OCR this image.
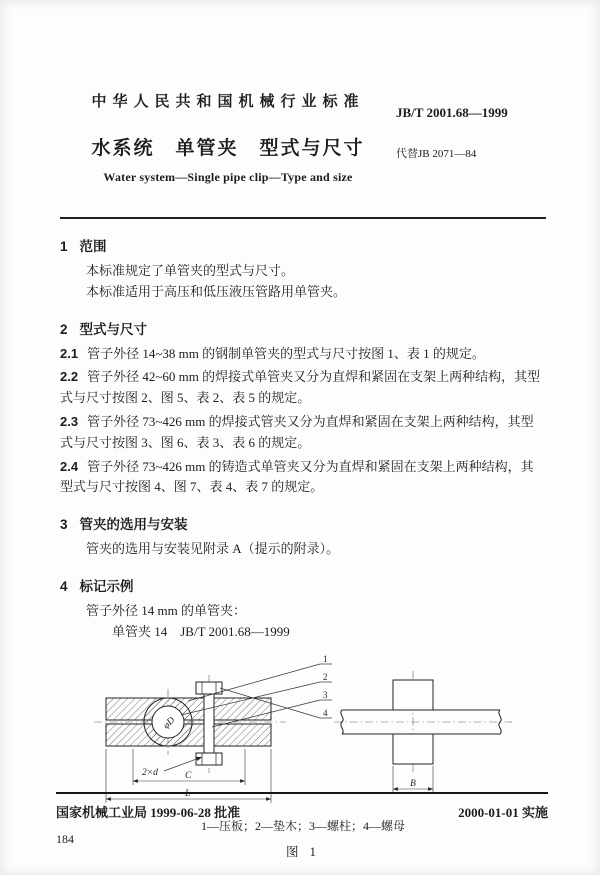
中华人民共和国机械行业标准
水系统　单管夹　型式与尺寸
Water system—Single pipe clip—Type and size
JB/T 2001.68—1999
代替JB 2071—84
1 范围

本标准规定了单管夹的型式与尺寸。

本标准适用于高压和低压液压管路用单管夹。

2 型式与尺寸

2.1 管子外径 14~38 mm 的钢制单管夹的型式与尺寸按图 1、表 1 的规定。

2.2 管子外径 42~60 mm 的焊接式单管夹又分为直焊和紧固在支架上两种结构，其型式与尺寸按图 2、图 5、表 2、表 5 的规定。

2.3 管子外径 73~426 mm 的焊接式管夹又分为直焊和紧固在支架上两种结构，其型式与尺寸按图 3、图 6、表 3、表 6 的规定。

2.4 管子外径 73~426 mm 的铸造式单管夹又分为直焊和紧固在支架上两种结构，其型式与尺寸按图 4、图 7、表 4、表 7 的规定。

3 管夹的选用与安装

管夹的选用与安装见附录 A（提示的附录）。

4 标记示例

管子外径 14 mm 的单管夹：

单管夹 14　JB/T 2001.68—1999

φD
1
2
3
4
2×d	C
L
B
1—压板；2—垫木；3—螺柱；4—螺母
图 1
国家机械工业局 1999-06-28 批准	2000-01-01 实施
184
